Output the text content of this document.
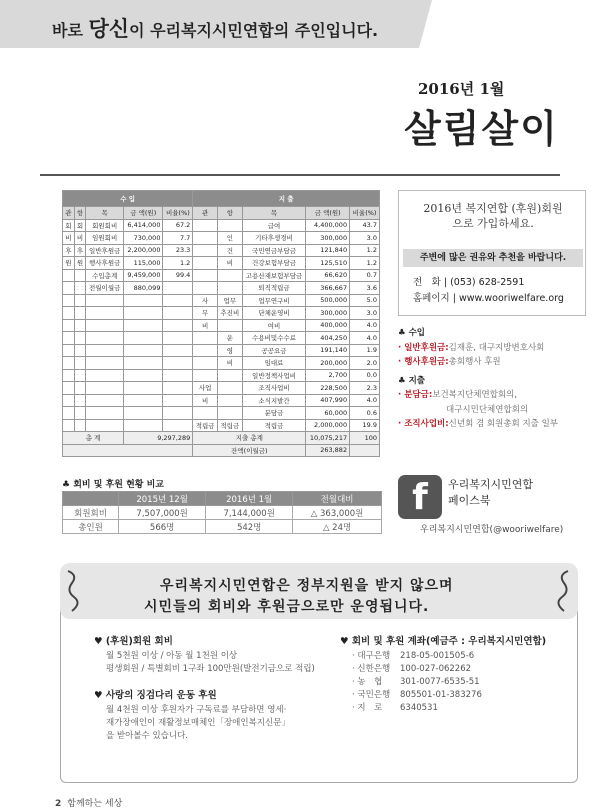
바로 당신이 우리복지시민연합의 주인입니다.
2016년 1월
살림살이
수 입					지 출				
관	항	목	금 액(원)	비율(%)	관	항	목	금 액(원)	비율(%)
회	회	회원회비	6,414,000	67.2			급여	4,400,000	43.7
비	비	임원회비	730,000	7.7		인	기타후생경비	300,000	3.0
후	후	일반후원금	2,200,000	23.3		건	국민연금부담금	121,840	1.2
원	원	행사후원금	115,000	1.2		비	건강보험부담금	125,510	1.2
		수입총계	9,459,000	99.4			고용산재보험부담금	66,620	0.7
		전월이월금	880,099				퇴직적립금	366,667	3.6
					사	업무	업무연구비	500,000	5.0
					무	추진비	단체운영비	300,000	3.0
					비		여비	400,000	4.0
						운	수용비및수수료	404,250	4.0
						영	공공요금	191,140	1.9
						비	임대료	200,000	2.0
							일반정책사업비	2,700	0.0
					사업		조직사업비	228,500	2.3
					비		소식지발간	407,990	4.0
							분담금	60,000	0.6
					적립금	적립금	적립금	2,000,000	19.9
총 계			9,297,289		지출 총계			10,075,217	100
					잔액(이월금)			263,882	
2016년 복지연합 (후원)회원
으로 가입하세요.
주변에 많은 권유와 추천을 바랍니다.
전　화 | (053) 628-2591
홈페이지 | www.wooriwelfare.org
♣ 수입
· 일반후원금:김재훈, 대구지방변호사회
· 행사후원금:총회행사 후원
♣ 지출
· 분담금:보건복지단체연합회의,
대구시민단체연합회의
· 조직사업비:신년회 겸 회원총회 지출 일부
♣ 회비 및 후원 현황 비교
	2015년 12월	2016년 1월	전월대비
회원회비	7,507,000원	7,144,000원	△ 363,000원
총인원	566명	542명	△ 24명
f	우리복지시민연합
페이스북
우리복지시민연합(@wooriwelfare)
우리복지시민연합은 정부지원을 받지 않으며
시민들의 회비와 후원금으로만 운영됩니다.
♥ (후원)회원 회비
월 5천원 이상 / 아동 월 1천원 이상
평생회원 / 특별회비 1구좌 100만원(발전기금으로 적립)
♥ 사랑의 징검다리 운동 후원
월 4천원 이상 후원자가 구독료를 부담하면 영세·
재가장애인이 재활정보매체인「장애인복지신문」
을 받아볼수 있습니다.
♥ 회비 및 후원 계좌(예금주 : 우리복지시민연합)
· 대구은행	218-05-001505-6
· 신한은행	100-027-062262
· 농　협	301-0077-6535-51
· 국민은행	805501-01-383276
· 지　로	6340531
2 함께하는 세상
